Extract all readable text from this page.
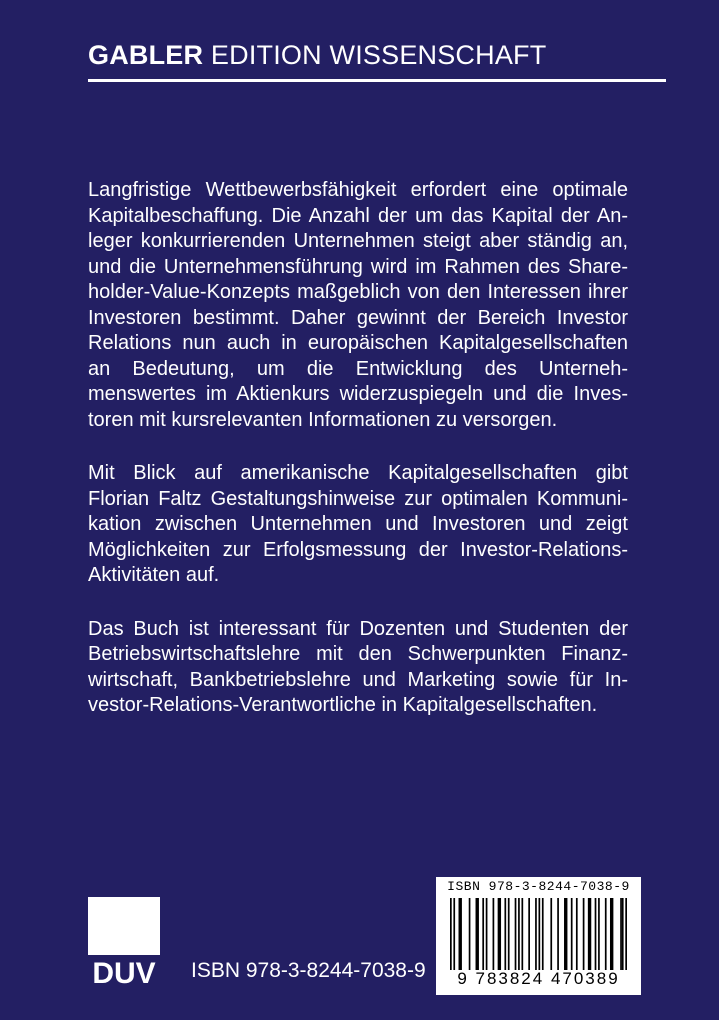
GABLER EDITION WISSENSCHAFT

Langfristige Wettbewerbsfähigkeit erfordert eine optimale Kapitalbeschaffung. Die Anzahl der um das Kapital der Anleger konkurrierenden Unternehmen steigt aber ständig an, und die Unternehmensführung wird im Rahmen des Shareholder-Value-Konzepts maßgeblich von den Interessen ihrer Investoren bestimmt. Daher gewinnt der Bereich Investor Relations nun auch in europäischen Kapitalgesellschaften an Bedeutung, um die Entwicklung des Unternehmenswertes im Aktienkurs widerzuspiegeln und die Investoren mit kursrelevanten Informationen zu versorgen.

Mit Blick auf amerikanische Kapitalgesellschaften gibt Florian Faltz Gestaltungshinweise zur optimalen Kommunikation zwischen Unternehmen und Investoren und zeigt Möglichkeiten zur Erfolgsmessung der Investor-Relations-Aktivitäten auf.

Das Buch ist interessant für Dozenten und Studenten der Betriebswirtschaftslehre mit den Schwerpunkten Finanzwirtschaft, Bankbetriebslehre und Marketing sowie für Investor-Relations-Verantwortliche in Kapitalgesellschaften.

DUV ISBN 978-3-8244-7038-9
ISBN 978-3-8244-7038-9
9 783824 470389
